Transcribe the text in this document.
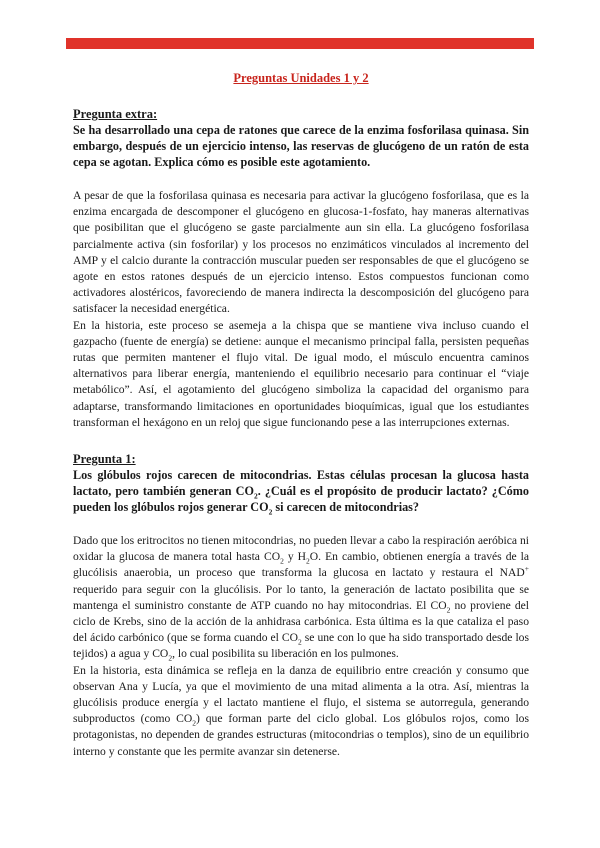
Preguntas Unidades 1 y 2

Pregunta extra:

Se ha desarrollado una cepa de ratones que carece de la enzima fosforilasa quinasa. Sin embargo, después de un ejercicio intenso, las reservas de glucógeno de un ratón de esta cepa se agotan. Explica cómo es posible este agotamiento.

A pesar de que la fosforilasa quinasa es necesaria para activar la glucógeno fosforilasa, que es la enzima encargada de descomponer el glucógeno en glucosa-1-fosfato, hay maneras alternativas que posibilitan que el glucógeno se gaste parcialmente aun sin ella. La glucógeno fosforilasa parcialmente activa (sin fosforilar) y los procesos no enzimáticos vinculados al incremento del AMP y el calcio durante la contracción muscular pueden ser responsables de que el glucógeno se agote en estos ratones después de un ejercicio intenso. Estos compuestos funcionan como activadores alostéricos, favoreciendo de manera indirecta la descomposición del glucógeno para satisfacer la necesidad energética.

En la historia, este proceso se asemeja a la chispa que se mantiene viva incluso cuando el gazpacho (fuente de energía) se detiene: aunque el mecanismo principal falla, persisten pequeñas rutas que permiten mantener el flujo vital. De igual modo, el músculo encuentra caminos alternativos para liberar energía, manteniendo el equilibrio necesario para continuar el “viaje metabólico”. Así, el agotamiento del glucógeno simboliza la capacidad del organismo para adaptarse, transformando limitaciones en oportunidades bioquímicas, igual que los estudiantes transforman el hexágono en un reloj que sigue funcionando pese a las interrupciones externas.

Pregunta 1:

Los glóbulos rojos carecen de mitocondrias. Estas células procesan la glucosa hasta lactato, pero también generan $CO_2$. ¿Cuál es el propósito de producir lactato? ¿Cómo pueden los glóbulos rojos generar $CO_2$ si carecen de mitocondrias?

Dado que los eritrocitos no tienen mitocondrias, no pueden llevar a cabo la respiración aeróbica ni oxidar la glucosa de manera total hasta $CO_2$ y $H_2O$. En cambio, obtienen energía a través de la glucólisis anaerobia, un proceso que transforma la glucosa en lactato y restaura el NAD+ requerido para seguir con la glucólisis. Por lo tanto, la generación de lactato posibilita que se mantenga el suministro constante de ATP cuando no hay mitocondrias. El $CO_2$ no proviene del ciclo de Krebs, sino de la acción de la anhidrasa carbónica. Esta última es la que cataliza el paso del ácido carbónico (que se forma cuando el $CO_2$ se une con lo que ha sido transportado desde los tejidos) a agua y $CO_2$, lo cual posibilita su liberación en los pulmones.

En la historia, esta dinámica se refleja en la danza de equilibrio entre creación y consumo que observan Ana y Lucía, ya que el movimiento de una mitad alimenta a la otra. Así, mientras la glucólisis produce energía y el lactato mantiene el flujo, el sistema se autorregula, generando subproductos (como $CO_2$) que forman parte del ciclo global. Los glóbulos rojos, como los protagonistas, no dependen de grandes estructuras (mitocondrias o templos), sino de un equilibrio interno y constante que les permite avanzar sin detenerse.
